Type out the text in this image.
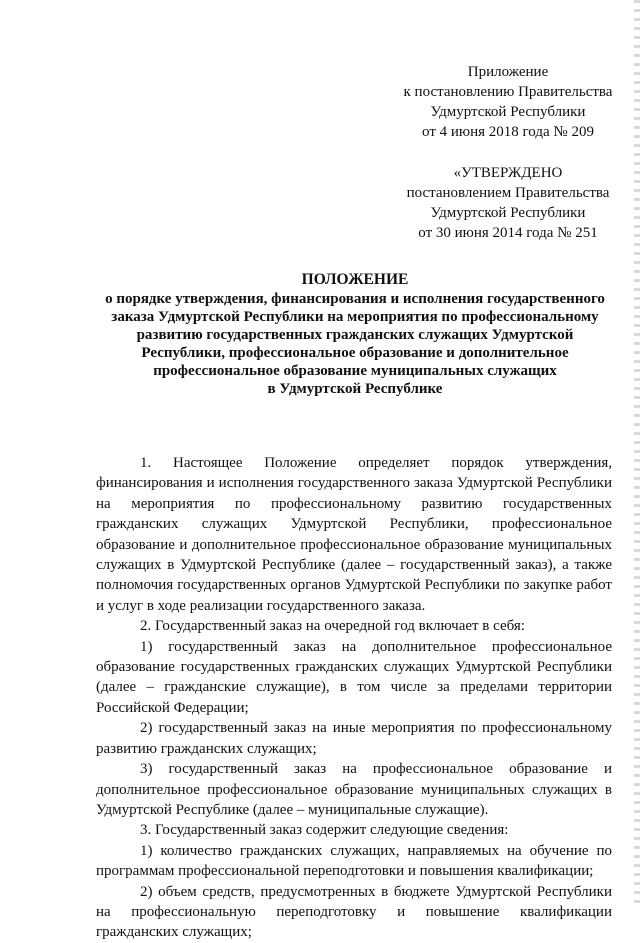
Приложение
к постановлению Правительства
Удмуртской Республики
от 4 июня 2018 года № 209
«УТВЕРЖДЕНО
постановлением Правительства
Удмуртской Республики
от 30 июня 2014 года № 251
ПОЛОЖЕНИЕ
о порядке утверждения, финансирования и исполнения государственного
заказа Удмуртской Республики на мероприятия по профессиональному
развитию государственных гражданских служащих Удмуртской
Республики, профессиональное образование и дополнительное
профессиональное образование муниципальных служащих
в Удмуртской Республике

1. Настоящее Положение определяет порядок утверждения, финансирования и исполнения государственного заказа Удмуртской Республики на мероприятия по профессиональному развитию государственных гражданских служащих Удмуртской Республики, профессиональное образование и дополнительное профессиональное образование муниципальных служащих в Удмуртской Республике (далее – государственный заказ), а также полномочия государственных органов Удмуртской Республики по закупке работ и услуг в ходе реализации государственного заказа.

2. Государственный заказ на очередной год включает в себя:

1) государственный заказ на дополнительное профессиональное образование государственных гражданских служащих Удмуртской Республики (далее – гражданские служащие), в том числе за пределами территории Российской Федерации;

2) государственный заказ на иные мероприятия по профессиональному развитию гражданских служащих;

3) государственный заказ на профессиональное образование и дополнительное профессиональное образование муниципальных служащих в Удмуртской Республике (далее – муниципальные служащие).

3. Государственный заказ содержит следующие сведения:

1) количество гражданских служащих, направляемых на обучение по программам профессиональной переподготовки и повышения квалификации;

2) объем средств, предусмотренных в бюджете Удмуртской Республики на профессиональную переподготовку и повышение квалификации гражданских служащих;
